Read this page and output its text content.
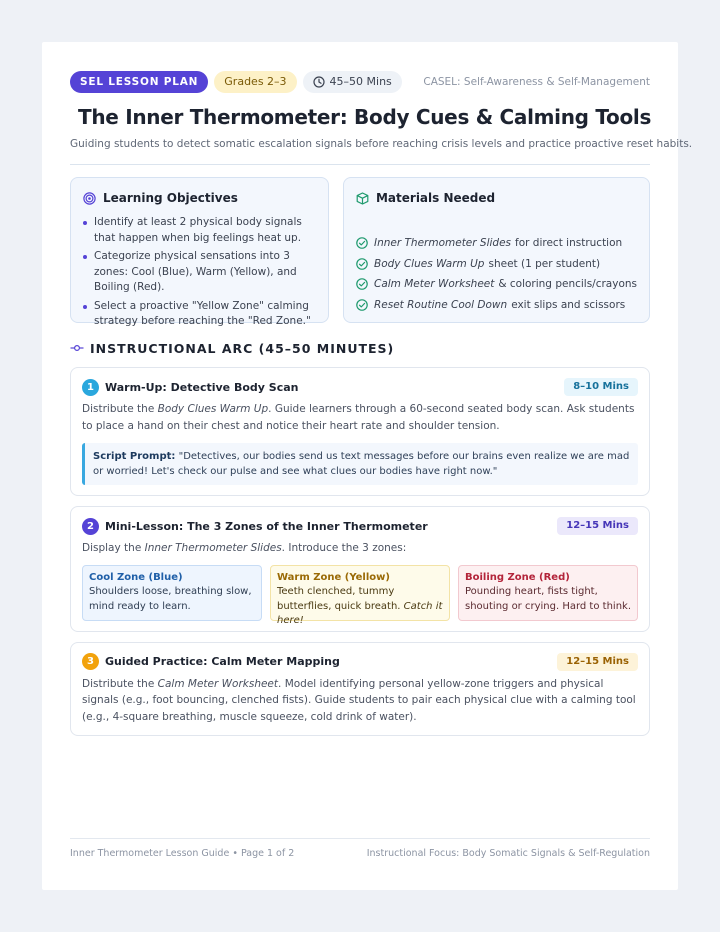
SEL LESSON PLAN	Grades 2–3	45–50 Mins	CASEL: Self-Awareness & Self-Management
The Inner Thermometer: Body Cues & Calming Tools

Guiding students to detect somatic escalation signals before reaching crisis levels and practice proactive reset habits.

Learning Objectives
Identify at least 2 physical body signals that happen when big feelings heat up.
Categorize physical sensations into 3 zones: Cool (Blue), Warm (Yellow), and Boiling (Red).
Select a proactive "Yellow Zone" calming strategy before reaching the "Red Zone."
Materials Needed
Inner Thermometer Slides for direct instruction
Body Clues Warm Up sheet (1 per student)
Calm Meter Worksheet & coloring pencils/crayons
Reset Routine Cool Down exit slips and scissors
INSTRUCTIONAL ARC (45–50 MINUTES)
1	Warm-Up: Detective Body Scan	8–10 Mins

Distribute the Body Clues Warm Up. Guide learners through a 60-second seated body scan. Ask students to place a hand on their chest and notice their heart rate and shoulder tension.

Script Prompt: "Detectives, our bodies send us text messages before our brains even realize we are mad or worried! Let's check our pulse and see what clues our bodies have right now."
2	Mini-Lesson: The 3 Zones of the Inner Thermometer	12–15 Mins

Display the Inner Thermometer Slides. Introduce the 3 zones:

Cool Zone (Blue)
Shoulders loose, breathing slow, mind ready to learn.
Warm Zone (Yellow)
Teeth clenched, tummy butterflies, quick breath. Catch it here!
Boiling Zone (Red)
Pounding heart, fists tight, shouting or crying. Hard to think.
3	Guided Practice: Calm Meter Mapping	12–15 Mins

Distribute the Calm Meter Worksheet. Model identifying personal yellow-zone triggers and physical signals (e.g., foot bouncing, clenched fists). Guide students to pair each physical clue with a calming tool (e.g., 4-square breathing, muscle squeeze, cold drink of water).

Inner Thermometer Lesson Guide • Page 1 of 2	Instructional Focus: Body Somatic Signals & Self-Regulation
